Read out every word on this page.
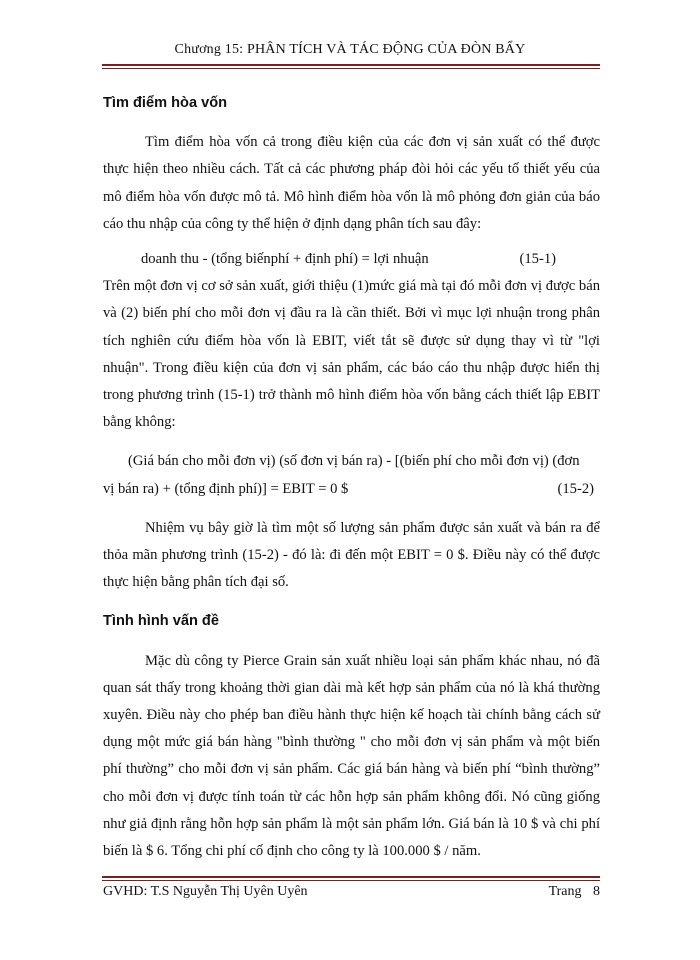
Chương 15: PHÂN TÍCH VÀ TÁC ĐỘNG CỦA ĐÒN BẨY
Tìm điểm hòa vốn

Tìm điểm hòa vốn cả trong điều kiện của các đơn vị sản xuất có thể được thực hiện theo nhiều cách. Tất cả các phương pháp đòi hỏi các yếu tố thiết yếu của mô điểm hòa vốn được mô tả. Mô hình điểm hòa vốn là mô phỏng đơn giản của báo cáo thu nhập của công ty thể hiện ở định dạng phân tích sau đây:

doanh thu - (tổng biếnphí + định phí) = lợi nhuận	(15-1)

Trên một đơn vị cơ sở sản xuất, giới thiệu (1)mức giá mà tại đó mỗi đơn vị được bán và (2) biến phí cho mỗi đơn vị đầu ra là cần thiết. Bởi vì mục lợi nhuận trong phân tích nghiên cứu điểm hòa vốn là EBIT, viết tắt sẽ được sử dụng thay vì từ "lợi nhuận". Trong điều kiện của đơn vị sản phẩm, các báo cáo thu nhập được hiển thị trong phương trình (15-1) trở thành mô hình điểm hòa vốn bằng cách thiết lập EBIT bằng không:

(Giá bán cho mỗi đơn vị) (số đơn vị bán ra) - [(biến phí cho mỗi đơn vị) (đơn

vị bán ra) + (tổng định phí)] = EBIT = 0 $	(15-2)

Nhiệm vụ bây giờ là tìm một số lượng sản phẩm được sản xuất và bán ra để thỏa mãn phương trình (15-2) - đó là: đi đến một EBIT = 0 $. Điều này có thể được thực hiện bằng phân tích đại số.

Tình hình vấn đề

Mặc dù công ty Pierce Grain sản xuất nhiều loại sản phẩm khác nhau, nó đã quan sát thấy trong khoảng thời gian dài mà kết hợp sản phẩm của nó là khá thường xuyên. Điều này cho phép ban điều hành thực hiện kế hoạch tài chính bằng cách sử dụng một mức giá bán hàng "bình thường " cho mỗi đơn vị sản phẩm và một biến phí thường” cho mỗi đơn vị sản phẩm. Các giá bán hàng và biến phí “bình thường” cho mỗi đơn vị được tính toán từ các hỗn hợp sản phẩm không đổi. Nó cũng giống như giả định rằng hỗn hợp sản phẩm là một sản phẩm lớn. Giá bán là 10 $ và chi phí biến là $ 6. Tổng chi phí cố định cho công ty là 100.000 $ / năm.

GVHD: T.S Nguyễn Thị Uyên Uyên	Trang 8
